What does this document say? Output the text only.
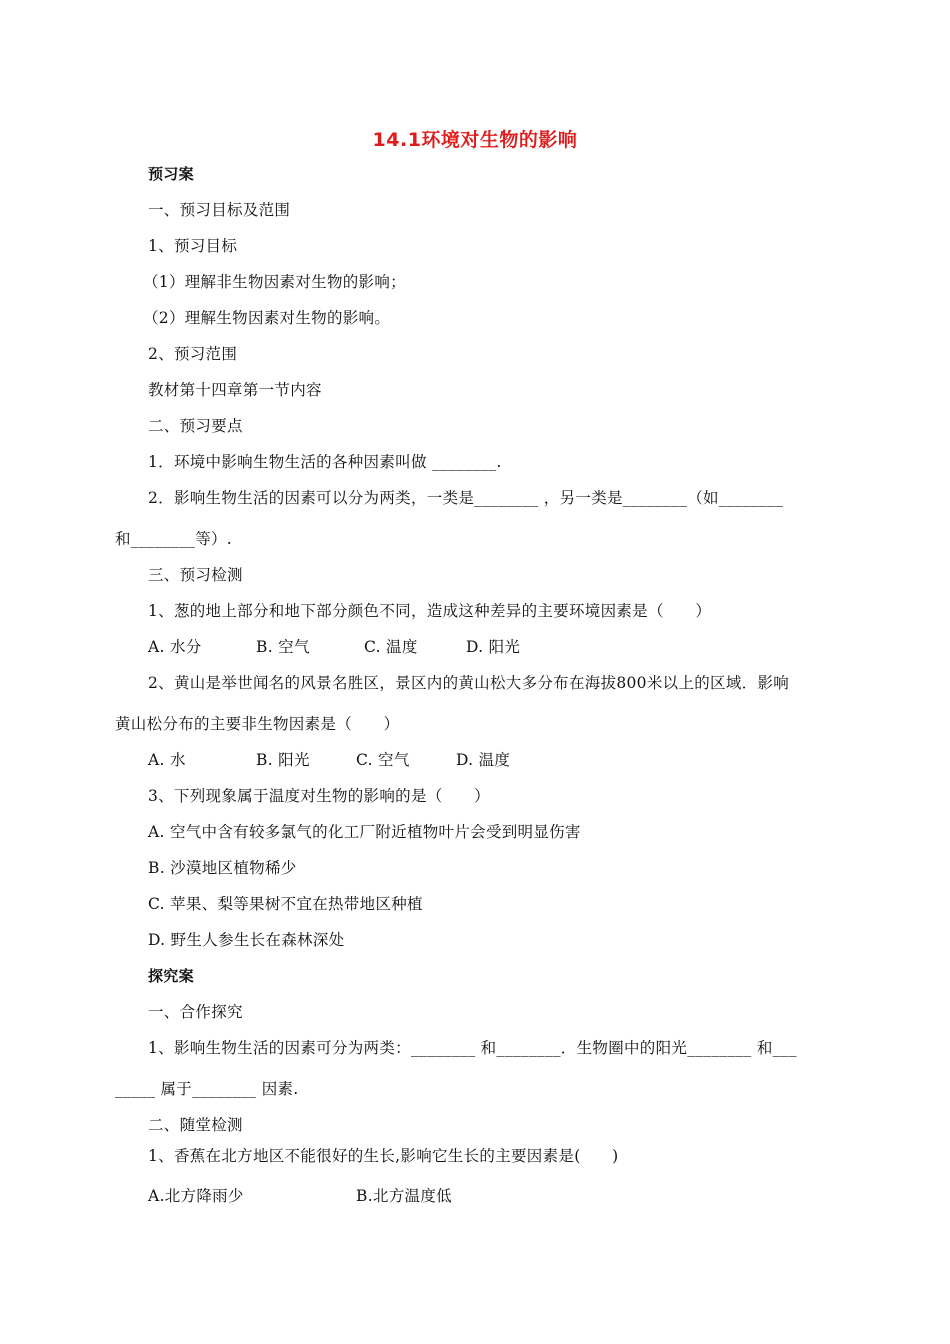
14.1环境对生物的影响
预习案
一、预习目标及范围
1、预习目标
（1）理解非生物因素对生物的影响；
（2）理解生物因素对生物的影响。
2、预习范围
教材第十四章第一节内容
二、预习要点
1．环境中影响生物生活的各种因素叫做 ________.
2．影响生物生活的因素可以分为两类，一类是________ ，另一类是________（如________
和________等）.
三、预习检测
1、葱的地上部分和地下部分颜色不同，造成这种差异的主要环境因素是（　　）
A. 水分	B. 空气	C. 温度	D. 阳光
2、黄山是举世闻名的风景名胜区，景区内的黄山松大多分布在海拔800米以上的区域．影响
黄山松分布的主要非生物因素是（　　）
A. 水	B. 阳光	C. 空气	D. 温度
3、下列现象属于温度对生物的影响的是（　　）
A. 空气中含有较多氯气的化工厂附近植物叶片会受到明显伤害
B. 沙漠地区植物稀少
C. 苹果、梨等果树不宜在热带地区种植
D. 野生人参生长在森林深处
探究案
一、合作探究
1、影响生物生活的因素可分为两类：________ 和________．生物圈中的阳光________ 和___
_____ 属于________ 因素.
二、随堂检测
1、香蕉在北方地区不能很好的生长,影响它生长的主要因素是(　　)
A.北方降雨少	B.北方温度低
